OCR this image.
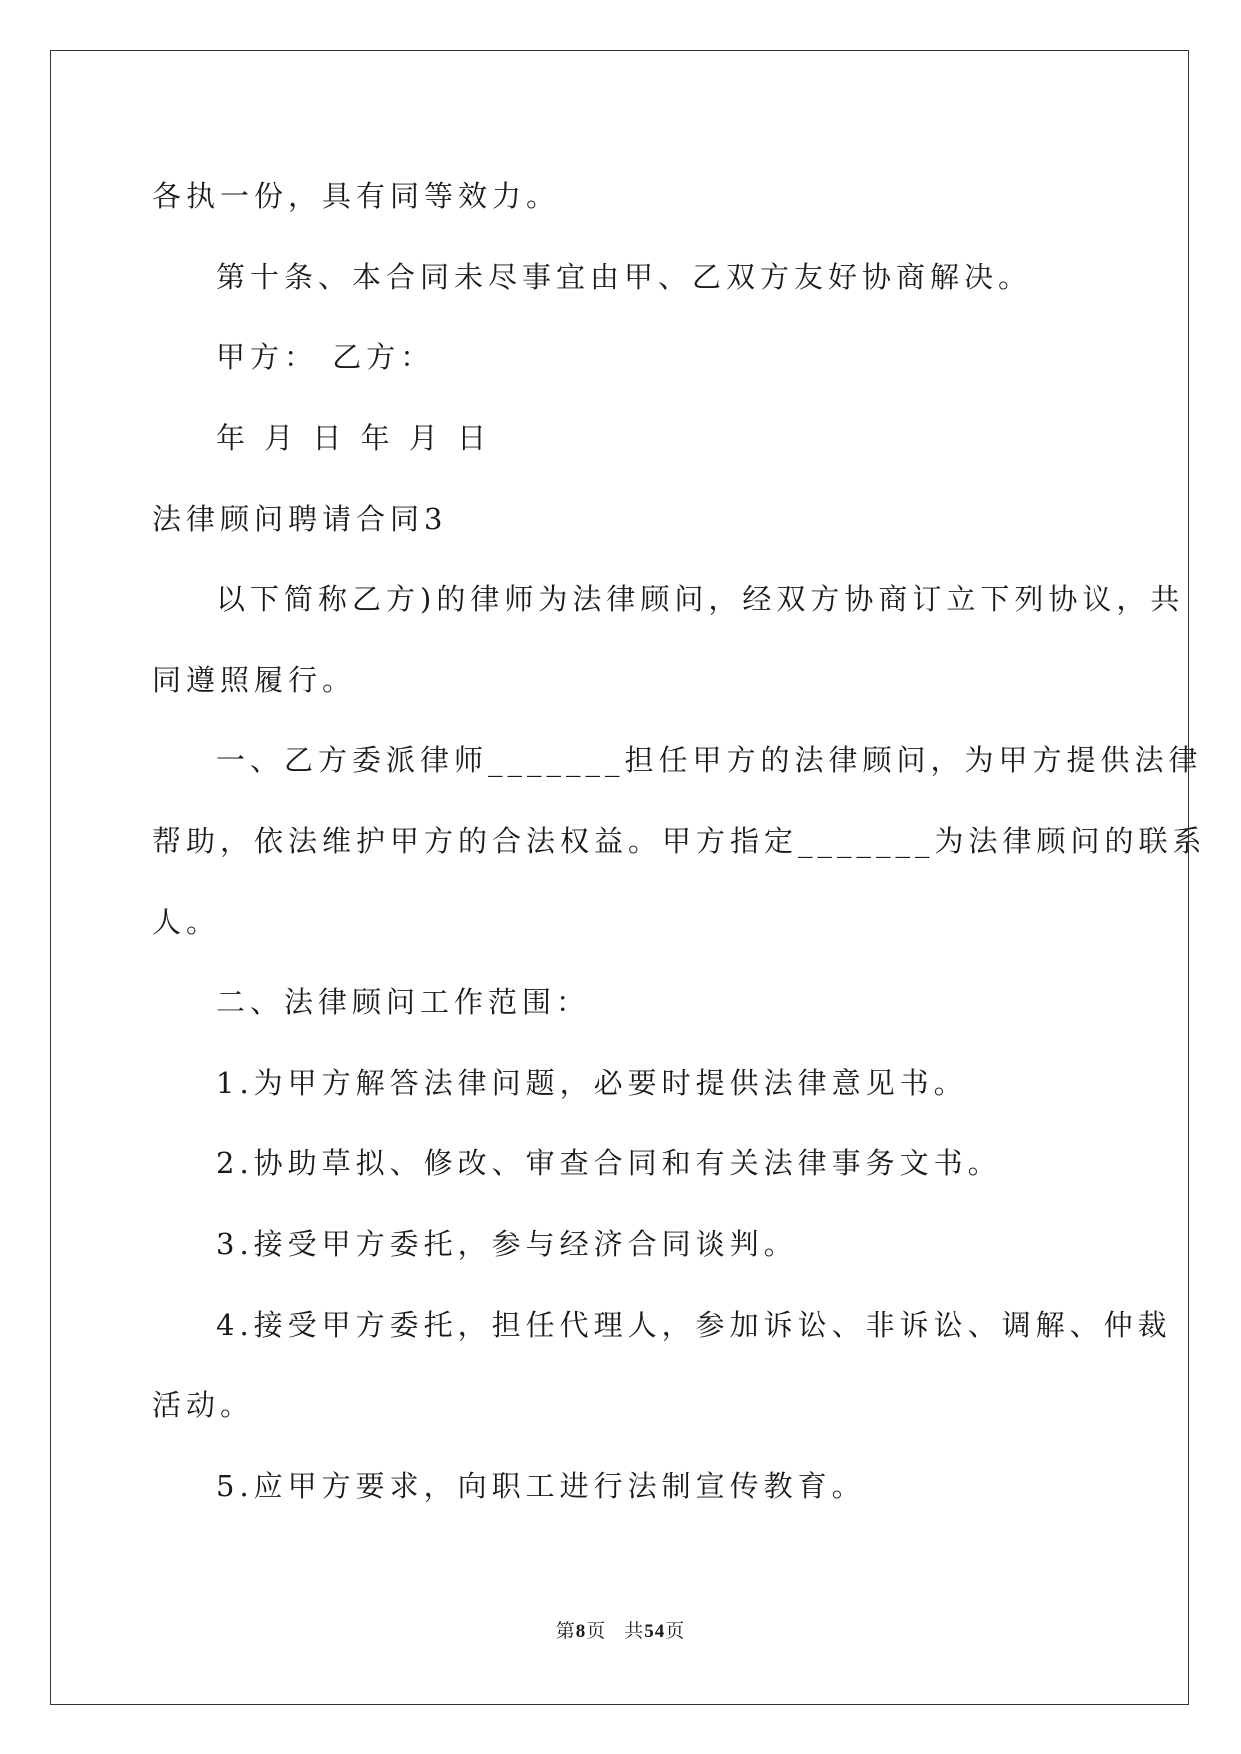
各执一份，具有同等效力。
第十条、本合同未尽事宜由甲、乙双方友好协商解决。
甲方： 乙方：
年 月 日 年 月 日
法律顾问聘请合同3
以下简称乙方)的律师为法律顾问，经双方协商订立下列协议，共
同遵照履行。
一、乙方委派律师_______担任甲方的法律顾问，为甲方提供法律
帮助，依法维护甲方的合法权益。甲方指定_______为法律顾问的联系
人。
二、法律顾问工作范围：
1.为甲方解答法律问题，必要时提供法律意见书。
2.协助草拟、修改、审查合同和有关法律事务文书。
3.接受甲方委托，参与经济合同谈判。
4.接受甲方委托，担任代理人，参加诉讼、非诉讼、调解、仲裁
活动。
5.应甲方要求，向职工进行法制宣传教育。
第8页 共54页
